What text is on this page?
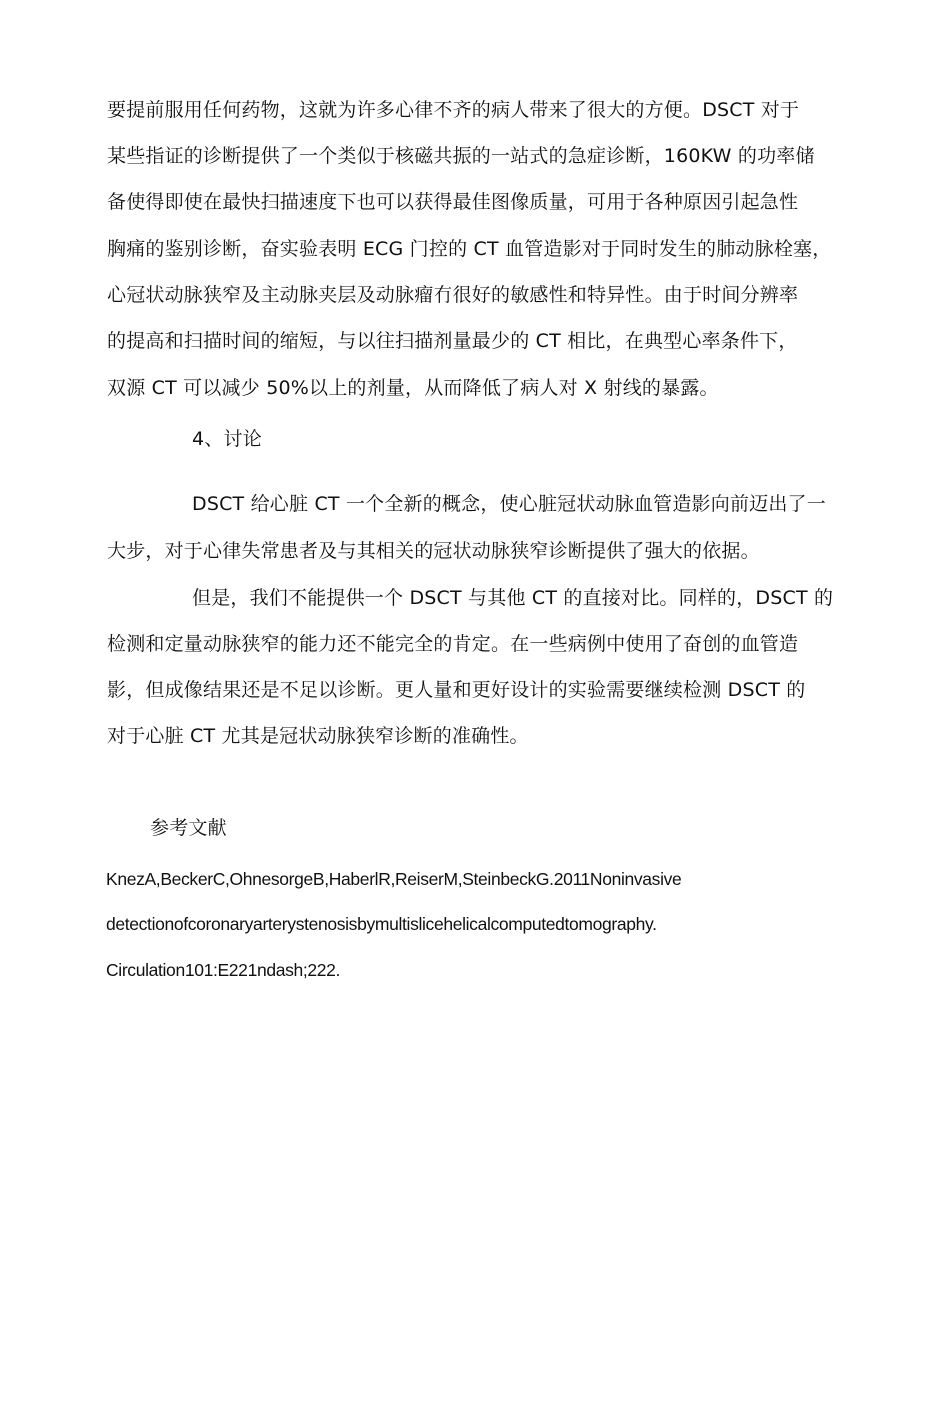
要提前服用任何药物，这就为许多心律不齐的病人带来了很大的方便。DSCT 对于
某些指证的诊断提供了一个类似于核磁共振的一站式的急症诊断，160KW 的功率储
备使得即使在最快扫描速度下也可以获得最佳图像质量，可用于各种原因引起急性
胸痛的鉴别诊断，奋实验表明 ECG 门控的 CT 血管造影对于同时发生的肺动脉栓塞，
心冠状动脉狭窄及主动脉夹层及动脉瘤冇很好的敏感性和特异性。由于时间分辨率
的提高和扫描时间的缩短，与以往扫描剂量最少的 CT 相比，在典型心率条件下，
双源 CT 可以减少 50%以上的剂量，从而降低了病人对 X 射线的暴露。
4、讨论
DSCT 给心脏 CT 一个全新的概念，使心脏冠状动脉血管造影向前迈出了一
大步，对于心律失常患者及与其相关的冠状动脉狭窄诊断提供了强大的依据。
但是，我们不能提供一个 DSCT 与其他 CT 的直接对比。同样的，DSCT 的
检测和定量动脉狭窄的能力还不能完全的肯定。在一些病例中使用了奋创的血管造
影，但成像结果还是不足以诊断。更人量和更好设计的实验需要继续检测 DSCT 的
对于心脏 CT 尤其是冠状动脉狭窄诊断的准确性。
参考文献
KnezA,BeckerC,OhnesorgeB,HaberlR,ReiserM,SteinbeckG.2011Noninvasive
detectionofcoronaryarterystenosisbymultislicehelicalcomputedtomography.
Circulation101:E221ndash;222.
